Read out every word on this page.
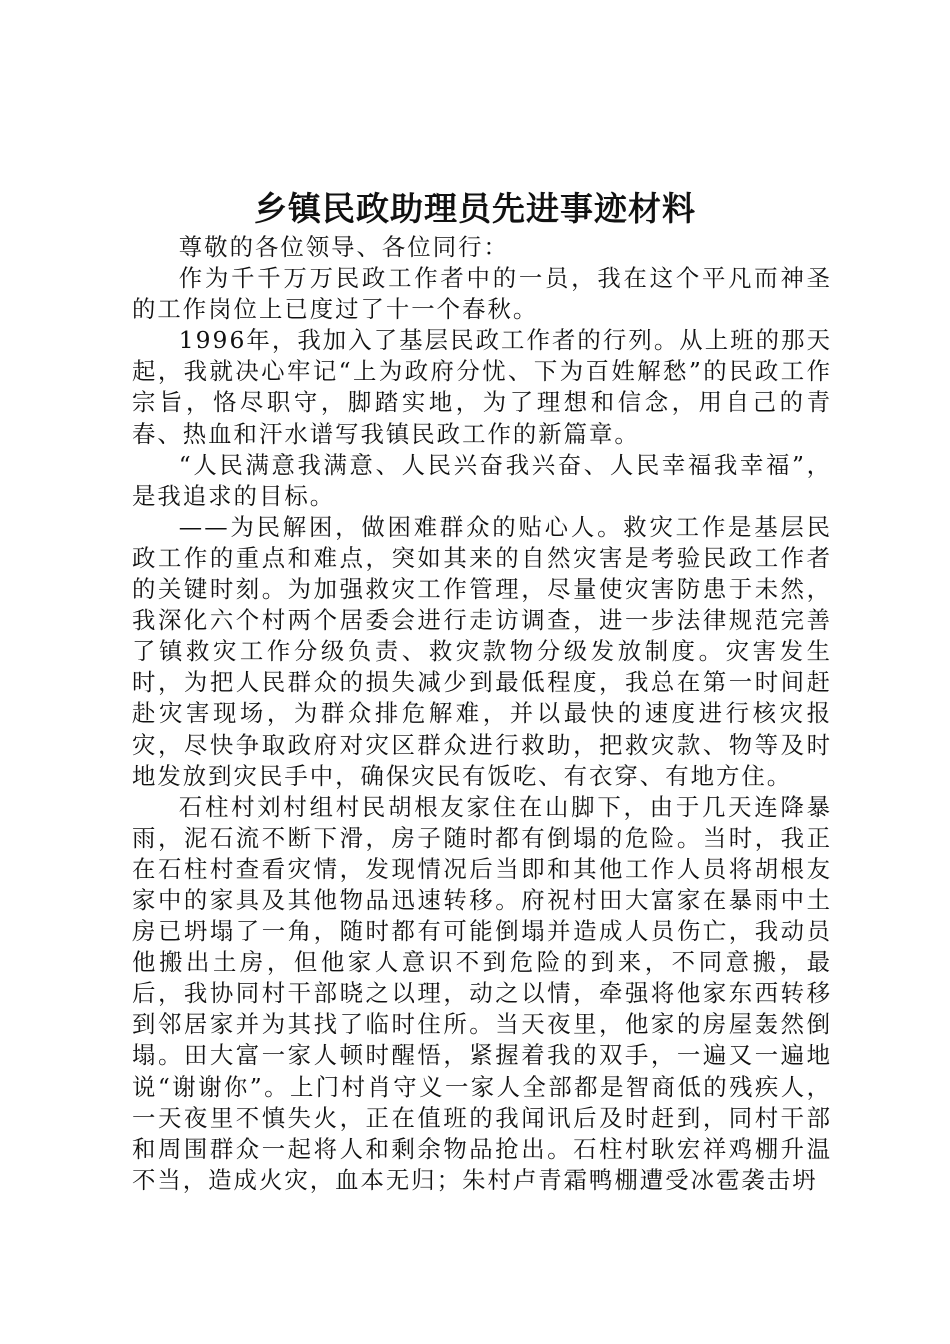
乡镇民政助理员先进事迹材料

尊敬的各位领导、各位同行：

作为千千万万民政工作者中的一员，我在这个平凡而神圣的工作岗位上已度过了十一个春秋。

1996年，我加入了基层民政工作者的行列。从上班的那天起，我就决心牢记“上为政府分忧、下为百姓解愁”的民政工作宗旨，恪尽职守，脚踏实地，为了理想和信念，用自己的青春、热血和汗水谱写我镇民政工作的新篇章。

“人民满意我满意、人民兴奋我兴奋、人民幸福我幸福”，是我追求的目标。

——为民解困，做困难群众的贴心人。救灾工作是基层民政工作的重点和难点，突如其来的自然灾害是考验民政工作者的关键时刻。为加强救灾工作管理，尽量使灾害防患于未然，我深化六个村两个居委会进行走访调查，进一步法律规范完善了镇救灾工作分级负责、救灾款物分级发放制度。灾害发生时，为把人民群众的损失减少到最低程度，我总在第一时间赶赴灾害现场，为群众排危解难，并以最快的速度进行核灾报灾，尽快争取政府对灾区群众进行救助，把救灾款、物等及时地发放到灾民手中，确保灾民有饭吃、有衣穿、有地方住。

石柱村刘村组村民胡根友家住在山脚下，由于几天连降暴雨，泥石流不断下滑，房子随时都有倒塌的危险。当时，我正在石柱村查看灾情，发现情况后当即和其他工作人员将胡根友家中的家具及其他物品迅速转移。府祝村田大富家在暴雨中土房已坍塌了一角，随时都有可能倒塌并造成人员伤亡，我动员他搬出土房，但他家人意识不到危险的到来，不同意搬，最后，我协同村干部晓之以理，动之以情，牵强将他家东西转移到邻居家并为其找了临时住所。当天夜里，他家的房屋轰然倒塌。田大富一家人顿时醒悟，紧握着我的双手，一遍又一遍地说“谢谢你”。上门村肖守义一家人全部都是智商低的残疾人，一天夜里不慎失火，正在值班的我闻讯后及时赶到，同村干部和周围群众一起将人和剩余物品抢出。石柱村耿宏祥鸡棚升温不当，造成火灾，血本无归；朱村卢青霜鸭棚遭受冰雹袭击坍
